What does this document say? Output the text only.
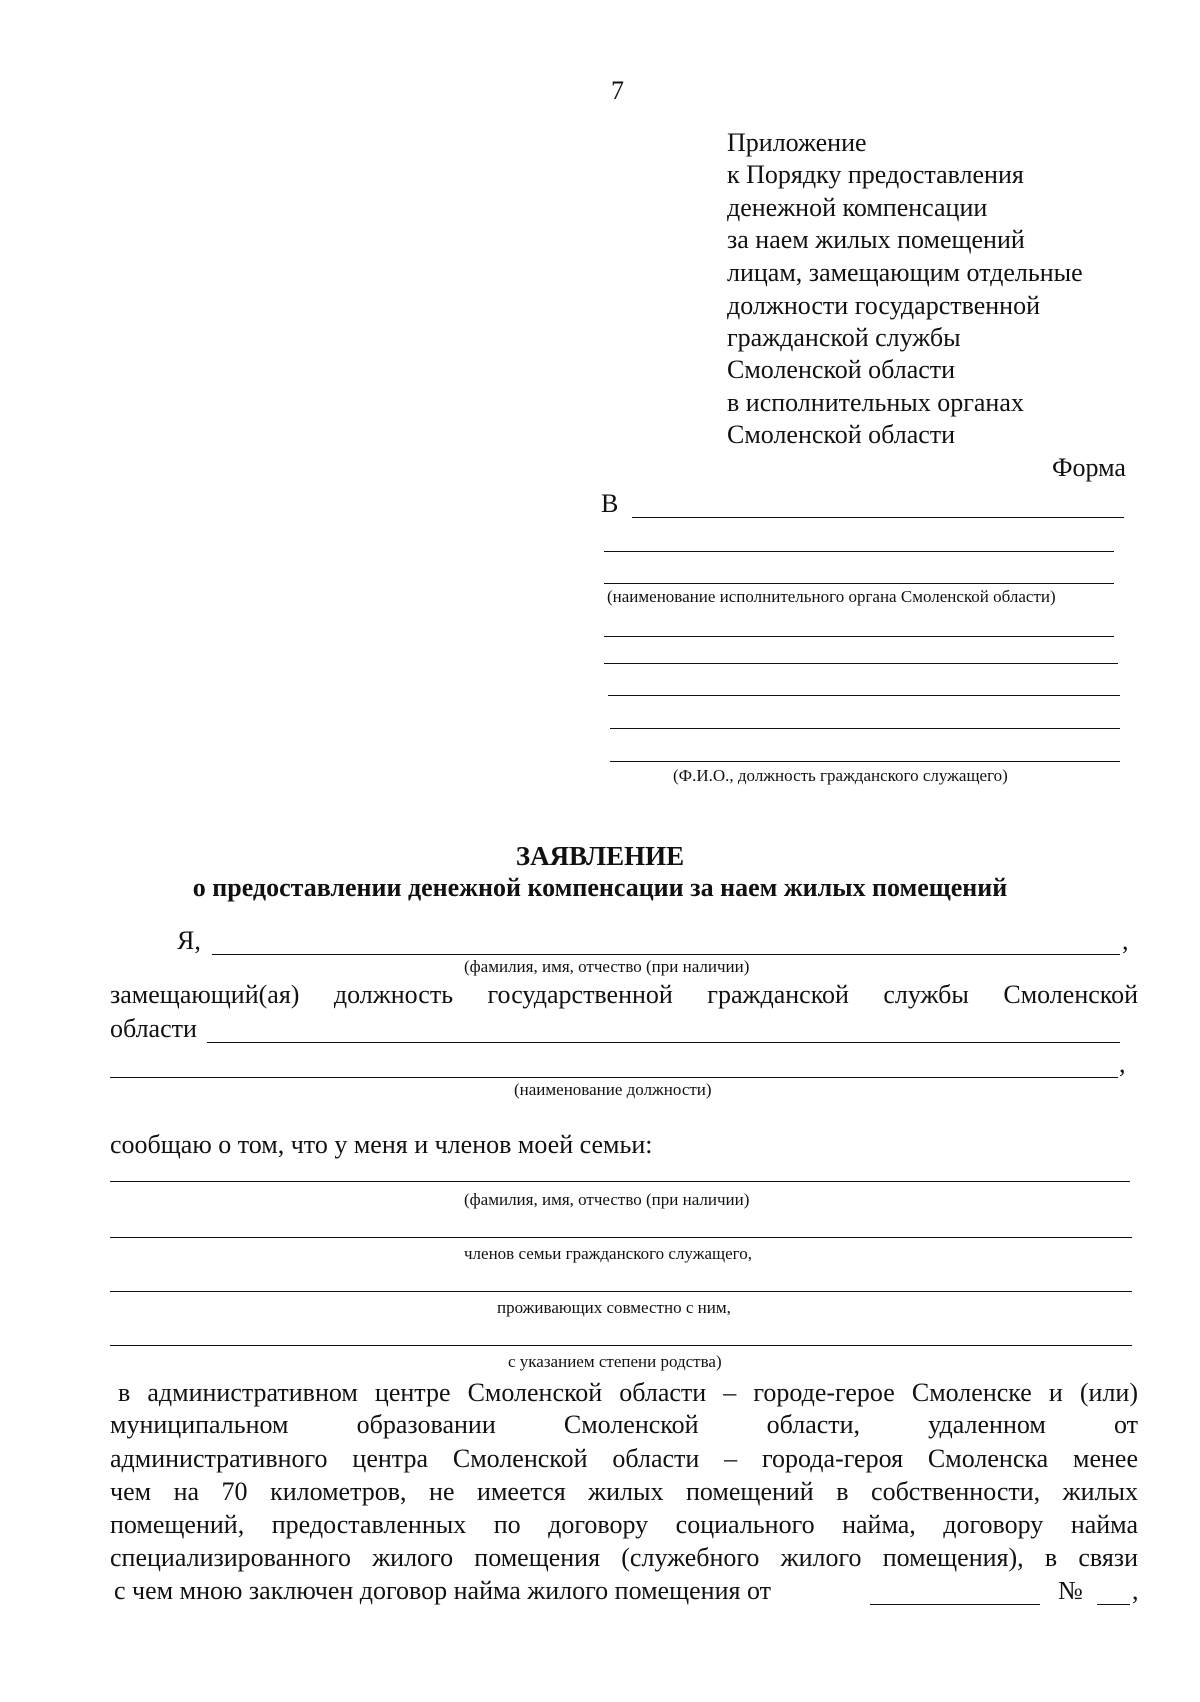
7
Приложение
к Порядку предоставления
денежной компенсации
за наем жилых помещений
лицам, замещающим отдельные
должности государственной
гражданской службы
Смоленской области
в исполнительных органах
Смоленской области
Форма
В
(наименование исполнительного органа Смоленской области)
(Ф.И.О., должность гражданского служащего)
ЗАЯВЛЕНИЕ
о предоставлении денежной компенсации за наем жилых помещений
Я,	,
(фамилия, имя, отчество (при наличии)
замещающий(ая) должность государственной гражданской службы Смоленской
области
,
(наименование должности)
сообщаю о том, что у меня и членов моей семьи:
(фамилия, имя, отчество (при наличии)
членов семьи гражданского служащего,
проживающих совместно с ним,
с указанием степени родства)
в административном центре Смоленской области – городе-герое Смоленске и (или)
муниципальном образовании Смоленской области, удаленном от
административного центра Смоленской области – города-героя Смоленска менее
чем на 70 километров, не имеется жилых помещений в собственности, жилых
помещений, предоставленных по договору социального найма, договору найма
специализированного жилого помещения (служебного жилого помещения), в связи
с чем мною заключен договор найма жилого помещения от	№ ,
